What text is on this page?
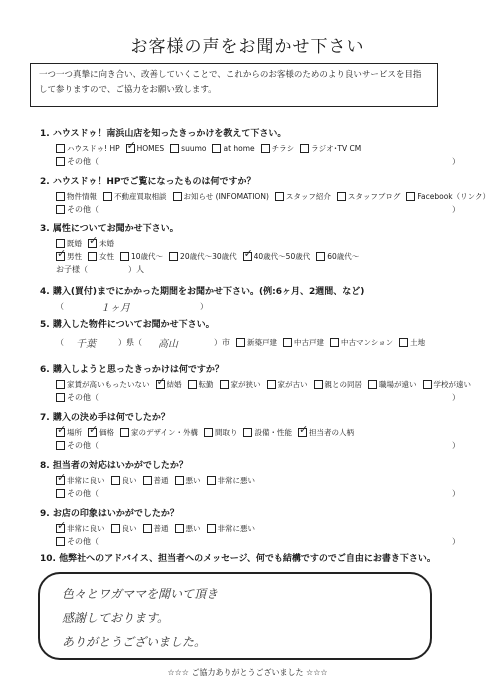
お客様の声をお聞かせ下さい
一つ一つ真摯に向き合い、改善していくことで、これからのお客様のためのより良いサービスを目指して参りますので、ご協力をお願い致します。
1. ハウスドゥ！南浜山店を知ったきっかけを教えて下さい。
ハウスドゥ! HP ✓ HOMES suumo at home チラシ ラジオ･TV CM
その他（	）
2. ハウスドゥ！HPでご覧になったものは何ですか？
物件情報 不動産買取相談 お知らせ (INFOMATION) スタッフ紹介 スタッフブログ Facebook（リンク）
その他（	）
3. 属性についてお聞かせ下さい。
既婚 ✓ 未婚
✓
男性 女性 10歳代～ 20歳代～30歳代 ✓ 40歳代～50歳代 60歳代～
お子様（	）人
4. 購入(買付)までにかかった期間をお聞かせ下さい。(例:6ヶ月、2週間、など)
（	１ヶ月	）
5. 購入した物件についてお聞かせ下さい。
（ 千葉	）県（ 高山	）市 新築戸建 中古戸建 中古マンション 土地
6. 購入しようと思ったきっかけは何ですか？
家賃が高いもったいない ✓ 結婚 転勤 家が狭い 家が古い 親との同居 職場が遠い 学校が遠い
その他（	）
7. 購入の決め手は何でしたか？
✓
場所 ✓ 価格 家のデザイン・外構 間取り 設備・性能 ✓ 担当者の人柄
その他（	）
8. 担当者の対応はいかがでしたか？
✓
非常に良い 良い 普通 悪い 非常に悪い
その他（	）
9. お店の印象はいかがでしたか？
✓
非常に良い 良い 普通 悪い 非常に悪い
その他（	）
10. 他弊社へのアドバイス、担当者へのメッセージ、何でも結構ですのでご自由にお書き下さい。
色々とワガママを聞いて頂き
感謝しております。
ありがとうございました。
☆☆☆ ご協力ありがとうございました ☆☆☆
